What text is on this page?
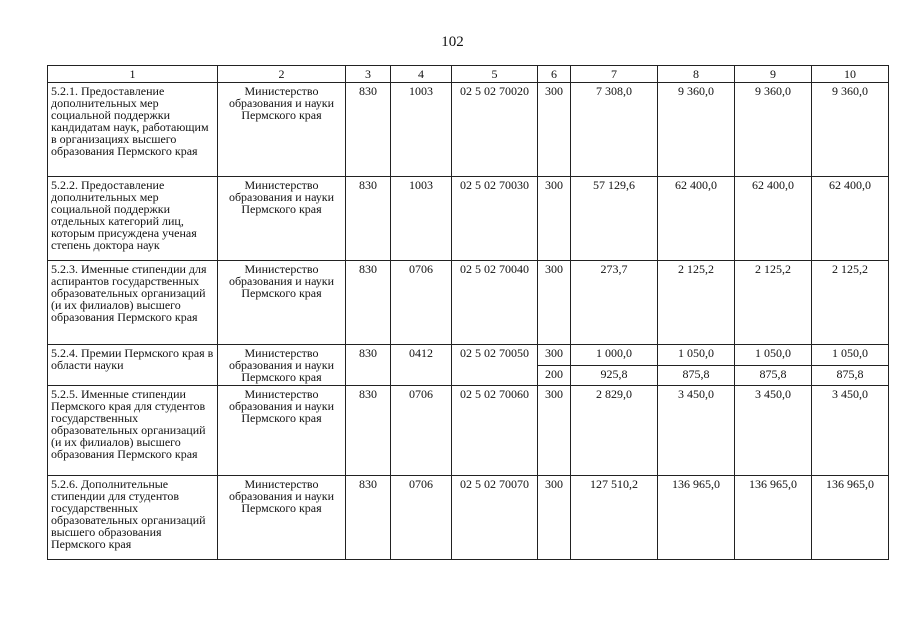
102
1	2	3	4	5	6	7	8	9	10
5.2.1. Предоставление дополнительных мер социальной поддержки кандидатам наук, работающим в организациях высшего образования Пермского края	Министерство образования и науки Пермского края	830	1003	02 5 02 70020	300	7 308,0	9 360,0	9 360,0	9 360,0
5.2.2. Предоставление дополнительных мер социальной поддержки отдельных категорий лиц, которым присуждена ученая степень доктора наук	Министерство образования и науки Пермского края	830	1003	02 5 02 70030	300	57 129,6	62 400,0	62 400,0	62 400,0
5.2.3. Именные стипендии для аспирантов государственных образовательных организаций (и их филиалов) высшего образования Пермского края	Министерство образования и науки Пермского края	830	0706	02 5 02 70040	300	273,7	2 125,2	2 125,2	2 125,2
5.2.4. Премии Пермского края в области науки	Министерство образования и науки Пермского края	830	0412	02 5 02 70050	300	1 000,0	1 050,0	1 050,0	1 050,0
					200	925,8	875,8	875,8	875,8
5.2.5. Именные стипендии Пермского края для студентов государственных образовательных организаций (и их филиалов) высшего образования Пермского края	Министерство образования и науки Пермского края	830	0706	02 5 02 70060	300	2 829,0	3 450,0	3 450,0	3 450,0
5.2.6. Дополнительные стипендии для студентов государственных образовательных организаций высшего образования Пермского края	Министерство образования и науки Пермского края	830	0706	02 5 02 70070	300	127 510,2	136 965,0	136 965,0	136 965,0
